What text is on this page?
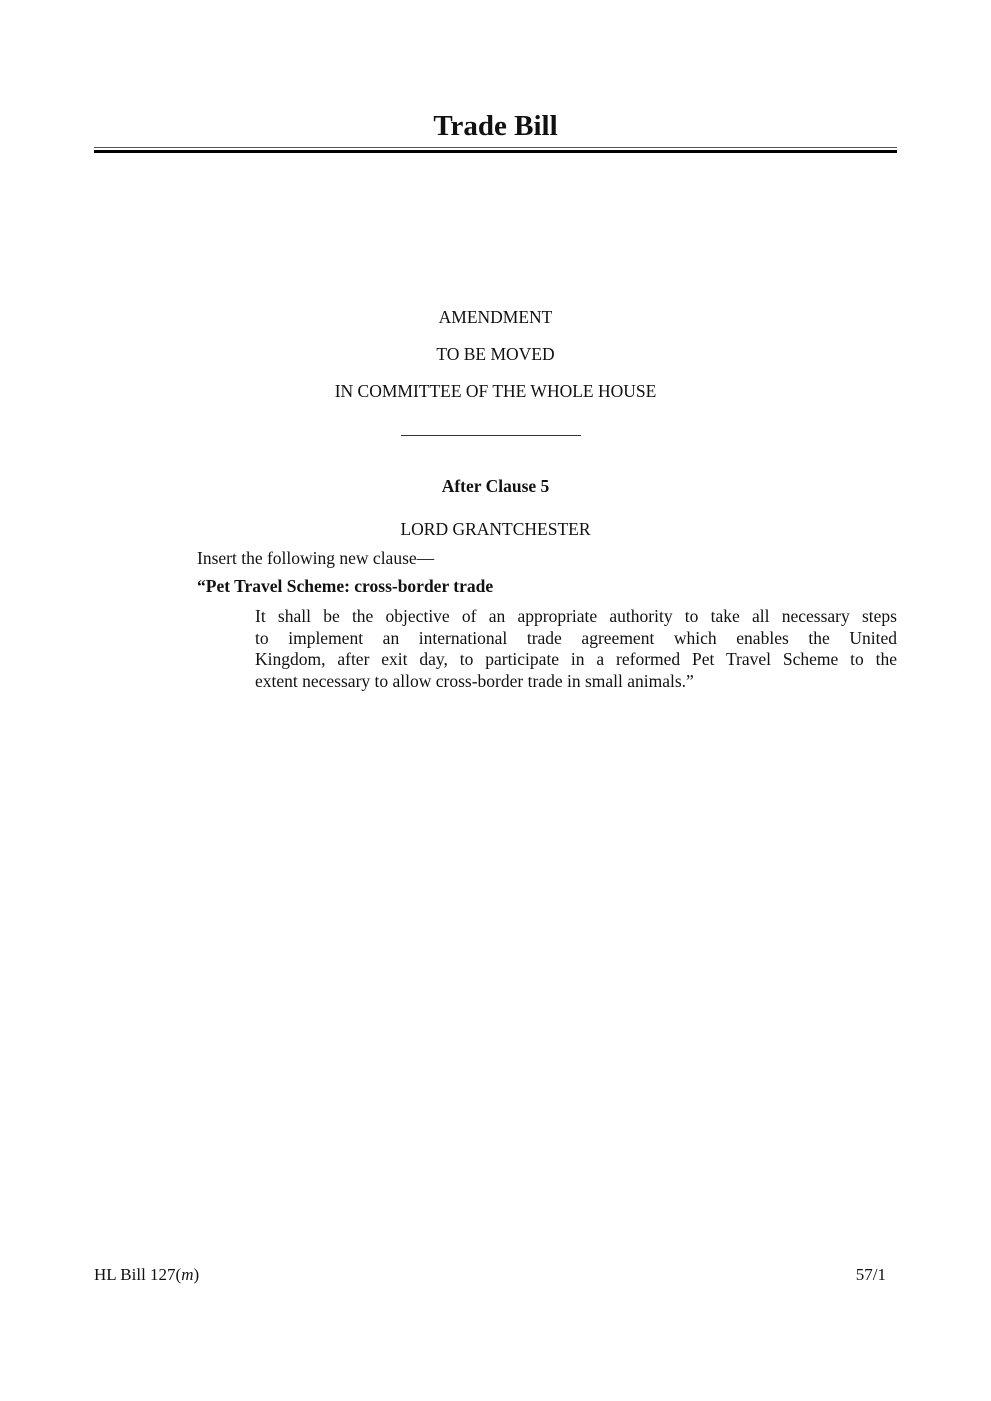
Trade Bill
AMENDMENT
TO BE MOVED
IN COMMITTEE OF THE WHOLE HOUSE
After Clause 5
LORD GRANTCHESTER
Insert the following new clause—
“Pet Travel Scheme: cross-border trade
It shall be the objective of an appropriate authority to take all necessary steps
to implement an international trade agreement which enables the United
Kingdom, after exit day, to participate in a reformed Pet Travel Scheme to the
extent necessary to allow cross-border trade in small animals.”
HL Bill 127(m)	57/1
